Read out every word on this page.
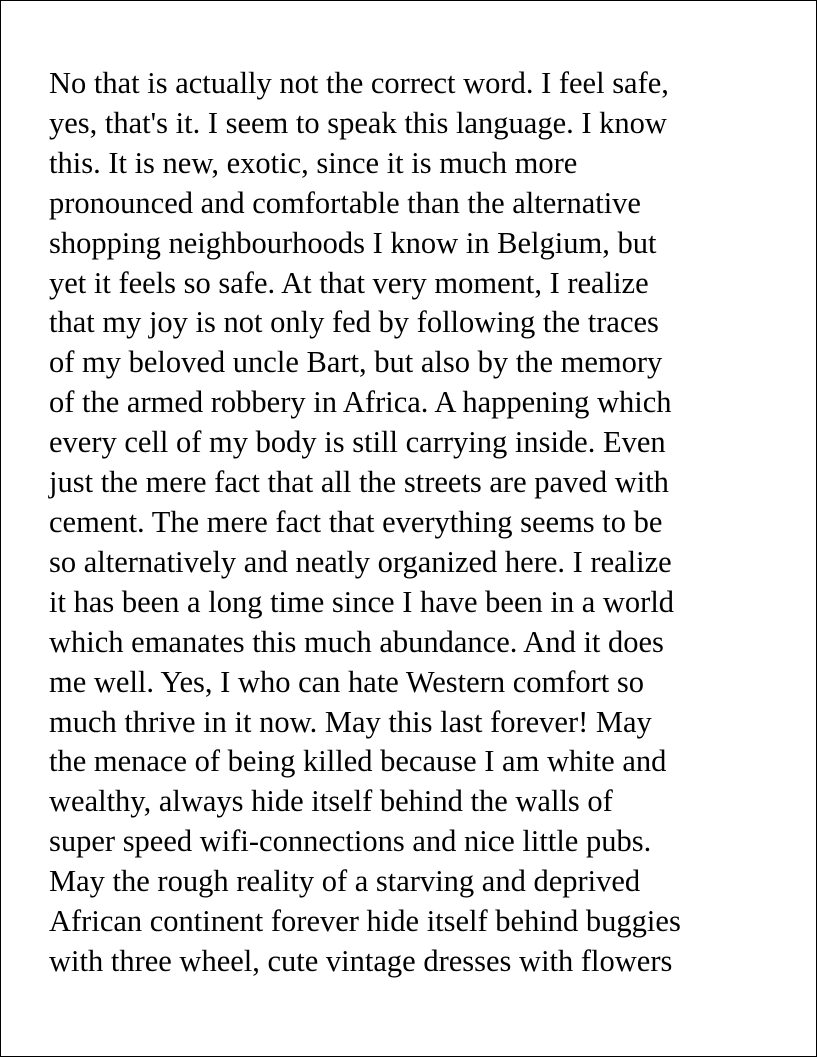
No that is actually not the correct word. I feel safe,
yes, that's it. I seem to speak this language. I know
this. It is new, exotic, since it is much more
pronounced and comfortable than the alternative
shopping neighbourhoods I know in Belgium, but
yet it feels so safe. At that very moment, I realize
that my joy is not only fed by following the traces
of my beloved uncle Bart, but also by the memory
of the armed robbery in Africa. A happening which
every cell of my body is still carrying inside. Even
just the mere fact that all the streets are paved with
cement. The mere fact that everything seems to be
so alternatively and neatly organized here. I realize
it has been a long time since I have been in a world
which emanates this much abundance. And it does
me well. Yes, I who can hate Western comfort so
much thrive in it now. May this last forever! May
the menace of being killed because I am white and
wealthy, always hide itself behind the walls of
super speed wifi-connections and nice little pubs.
May the rough reality of a starving and deprived
African continent forever hide itself behind buggies
with three wheel, cute vintage dresses with flowers
